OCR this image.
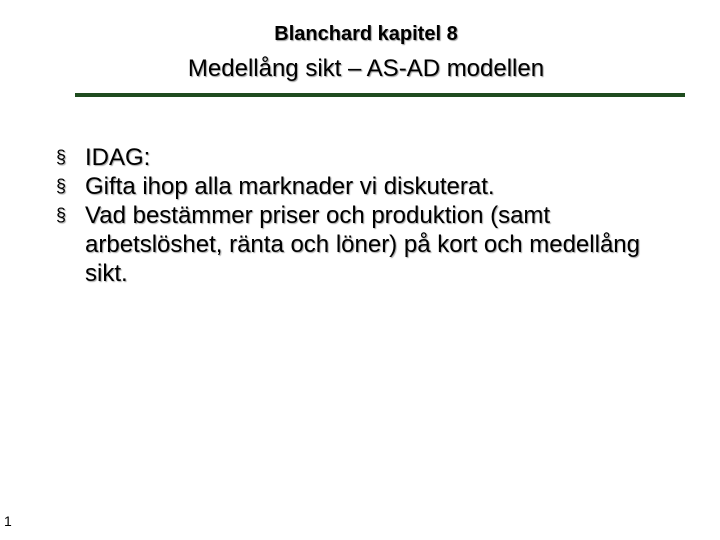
Blanchard kapitel 8
Medellång sikt – AS-AD modellen
§ IDAG:
§ Gifta ihop alla marknader vi diskuterat.
§ Vad bestämmer priser och produktion (samt arbetslöshet, ränta och löner) på kort och medellång sikt.
1
